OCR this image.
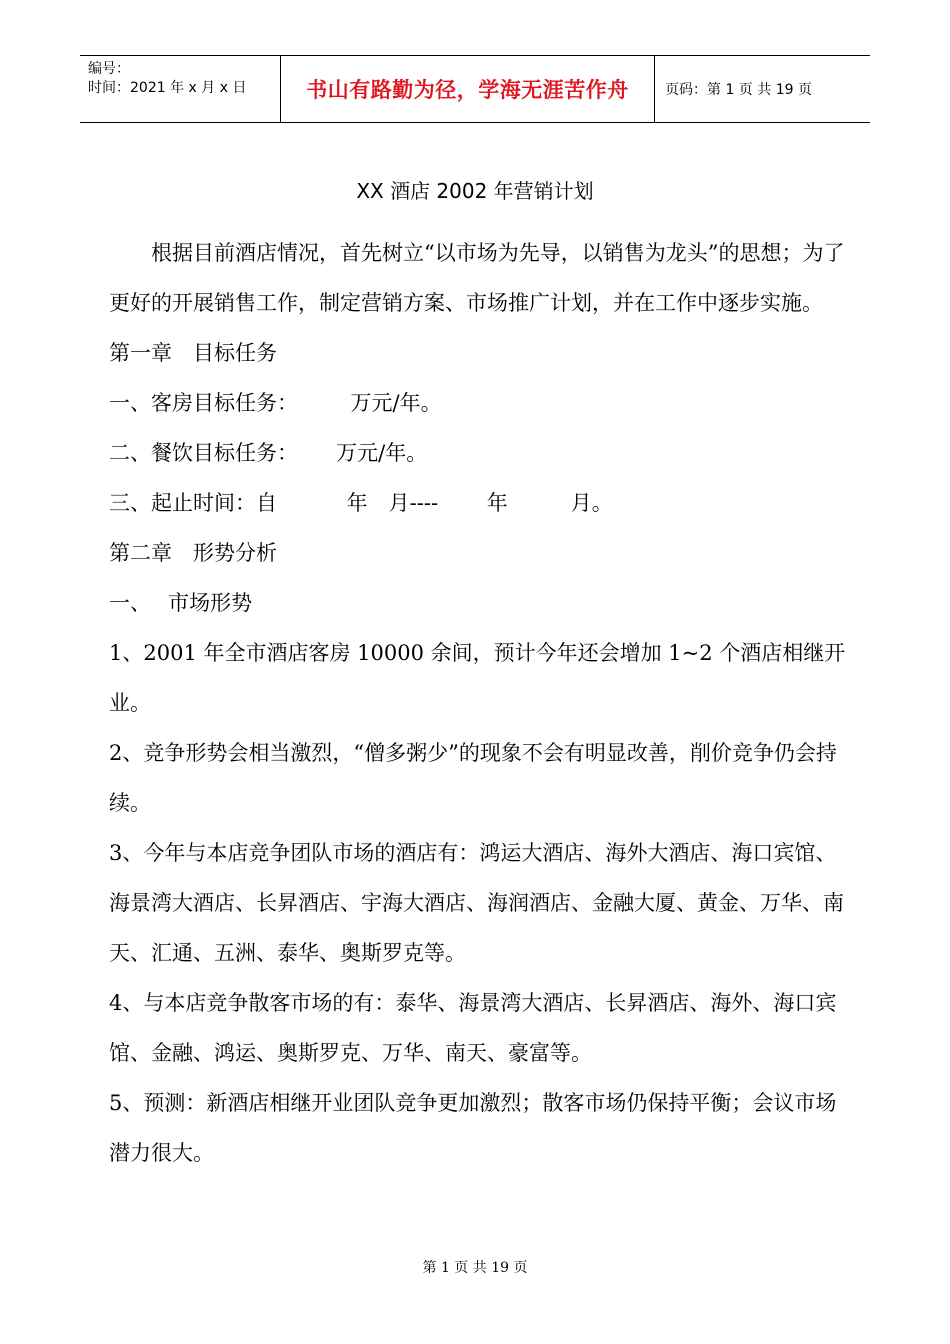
编号：
时间：2021 年 x 月 x 日	书山有路勤为径，学海无涯苦作舟	页码：第 1 页 共 19 页
XX 酒店 2002 年营销计划

根据目前酒店情况，首先树立“以市场为先导，以销售为龙头”的思想；为了更好的开展销售工作，制定营销方案、市场推广计划，并在工作中逐步实施。

第一章　目标任务

一、客房目标任务：　　　万元/年。

二、餐饮目标任务：　　 万元/年。

三、起止时间：自　　　 年　月----　　 年　　　月。

第二章　形势分析

一、　 市场形势

1、2001 年全市酒店客房 10000 余间，预计今年还会增加 1~2 个酒店相继开业。

2、竞争形势会相当激烈，“僧多粥少”的现象不会有明显改善，削价竞争仍会持续。

3、今年与本店竞争团队市场的酒店有：鸿运大酒店、海外大酒店、海口宾馆、海景湾大酒店、长昇酒店、宇海大酒店、海润酒店、金融大厦、黄金、万华、南天、汇通、五洲、泰华、奥斯罗克等。

4、与本店竞争散客市场的有：泰华、海景湾大酒店、长昇酒店、海外、海口宾馆、金融、鸿运、奥斯罗克、万华、南天、豪富等。

5、预测：新酒店相继开业团队竞争更加激烈；散客市场仍保持平衡；会议市场潜力很大。

第 1 页 共 19 页
